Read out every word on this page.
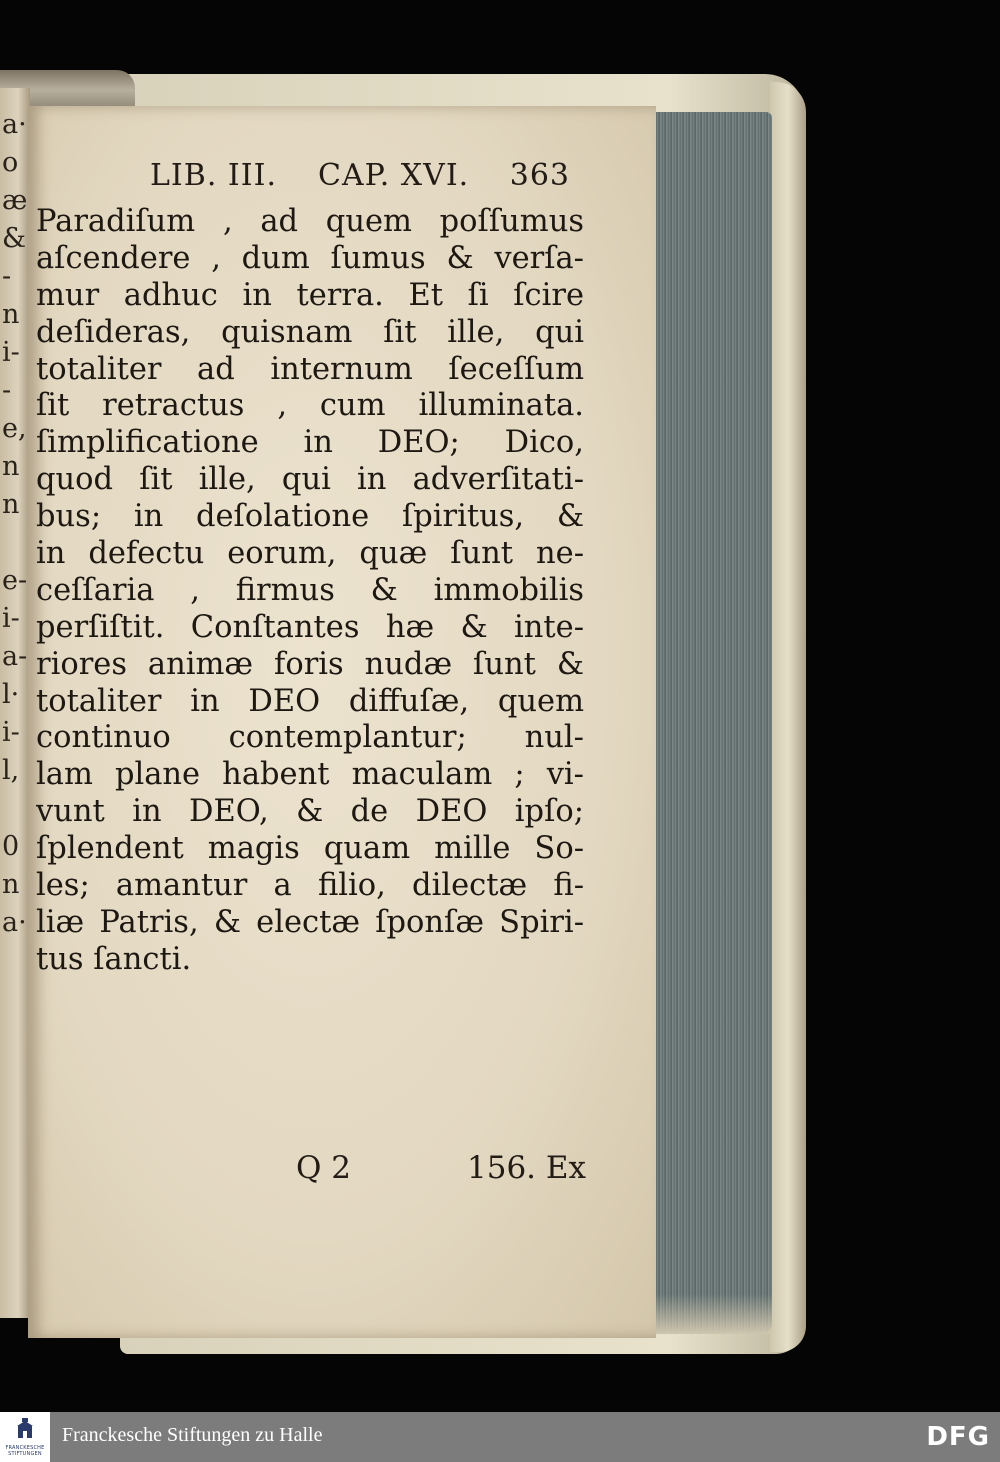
a·
o
æ
&
-
n
i-
-
e,
n
n
e-
i-
a-
l·
i-
l,
0
n
a·
LIB. III. CAP. XVI. 363
Paradiſum , ad quem poſſumus
aſcendere , dum ſumus & verſa-
mur adhuc in terra. Et ſi ſcire
deſideras, quisnam ſit ille, qui
totaliter ad internum ſeceſſum
ſit retractus , cum illuminata.
ſimplificatione in DEO; Dico,
quod ſit ille, qui in adverſitati-
bus; in deſolatione ſpiritus, &
in defectu eorum, quæ ſunt ne-
ceſſaria , firmus & immobilis
perſiſtit. Conſtantes hæ & inte-
riores animæ foris nudæ ſunt &
totaliter in DEO diffuſæ, quem
continuo contemplantur; nul-
lam plane habent maculam ; vi-
vunt in DEO, & de DEO ipſo;
ſplendent magis quam mille So-
les; amantur a filio, dilectæ fi-
liæ Patris, & electæ ſponſæ Spiri-
tus ſancti.
Q 2	156. Ex
FRANCKESCHE STIFTUNGEN
Franckesche Stiftungen zu Halle	DFG
